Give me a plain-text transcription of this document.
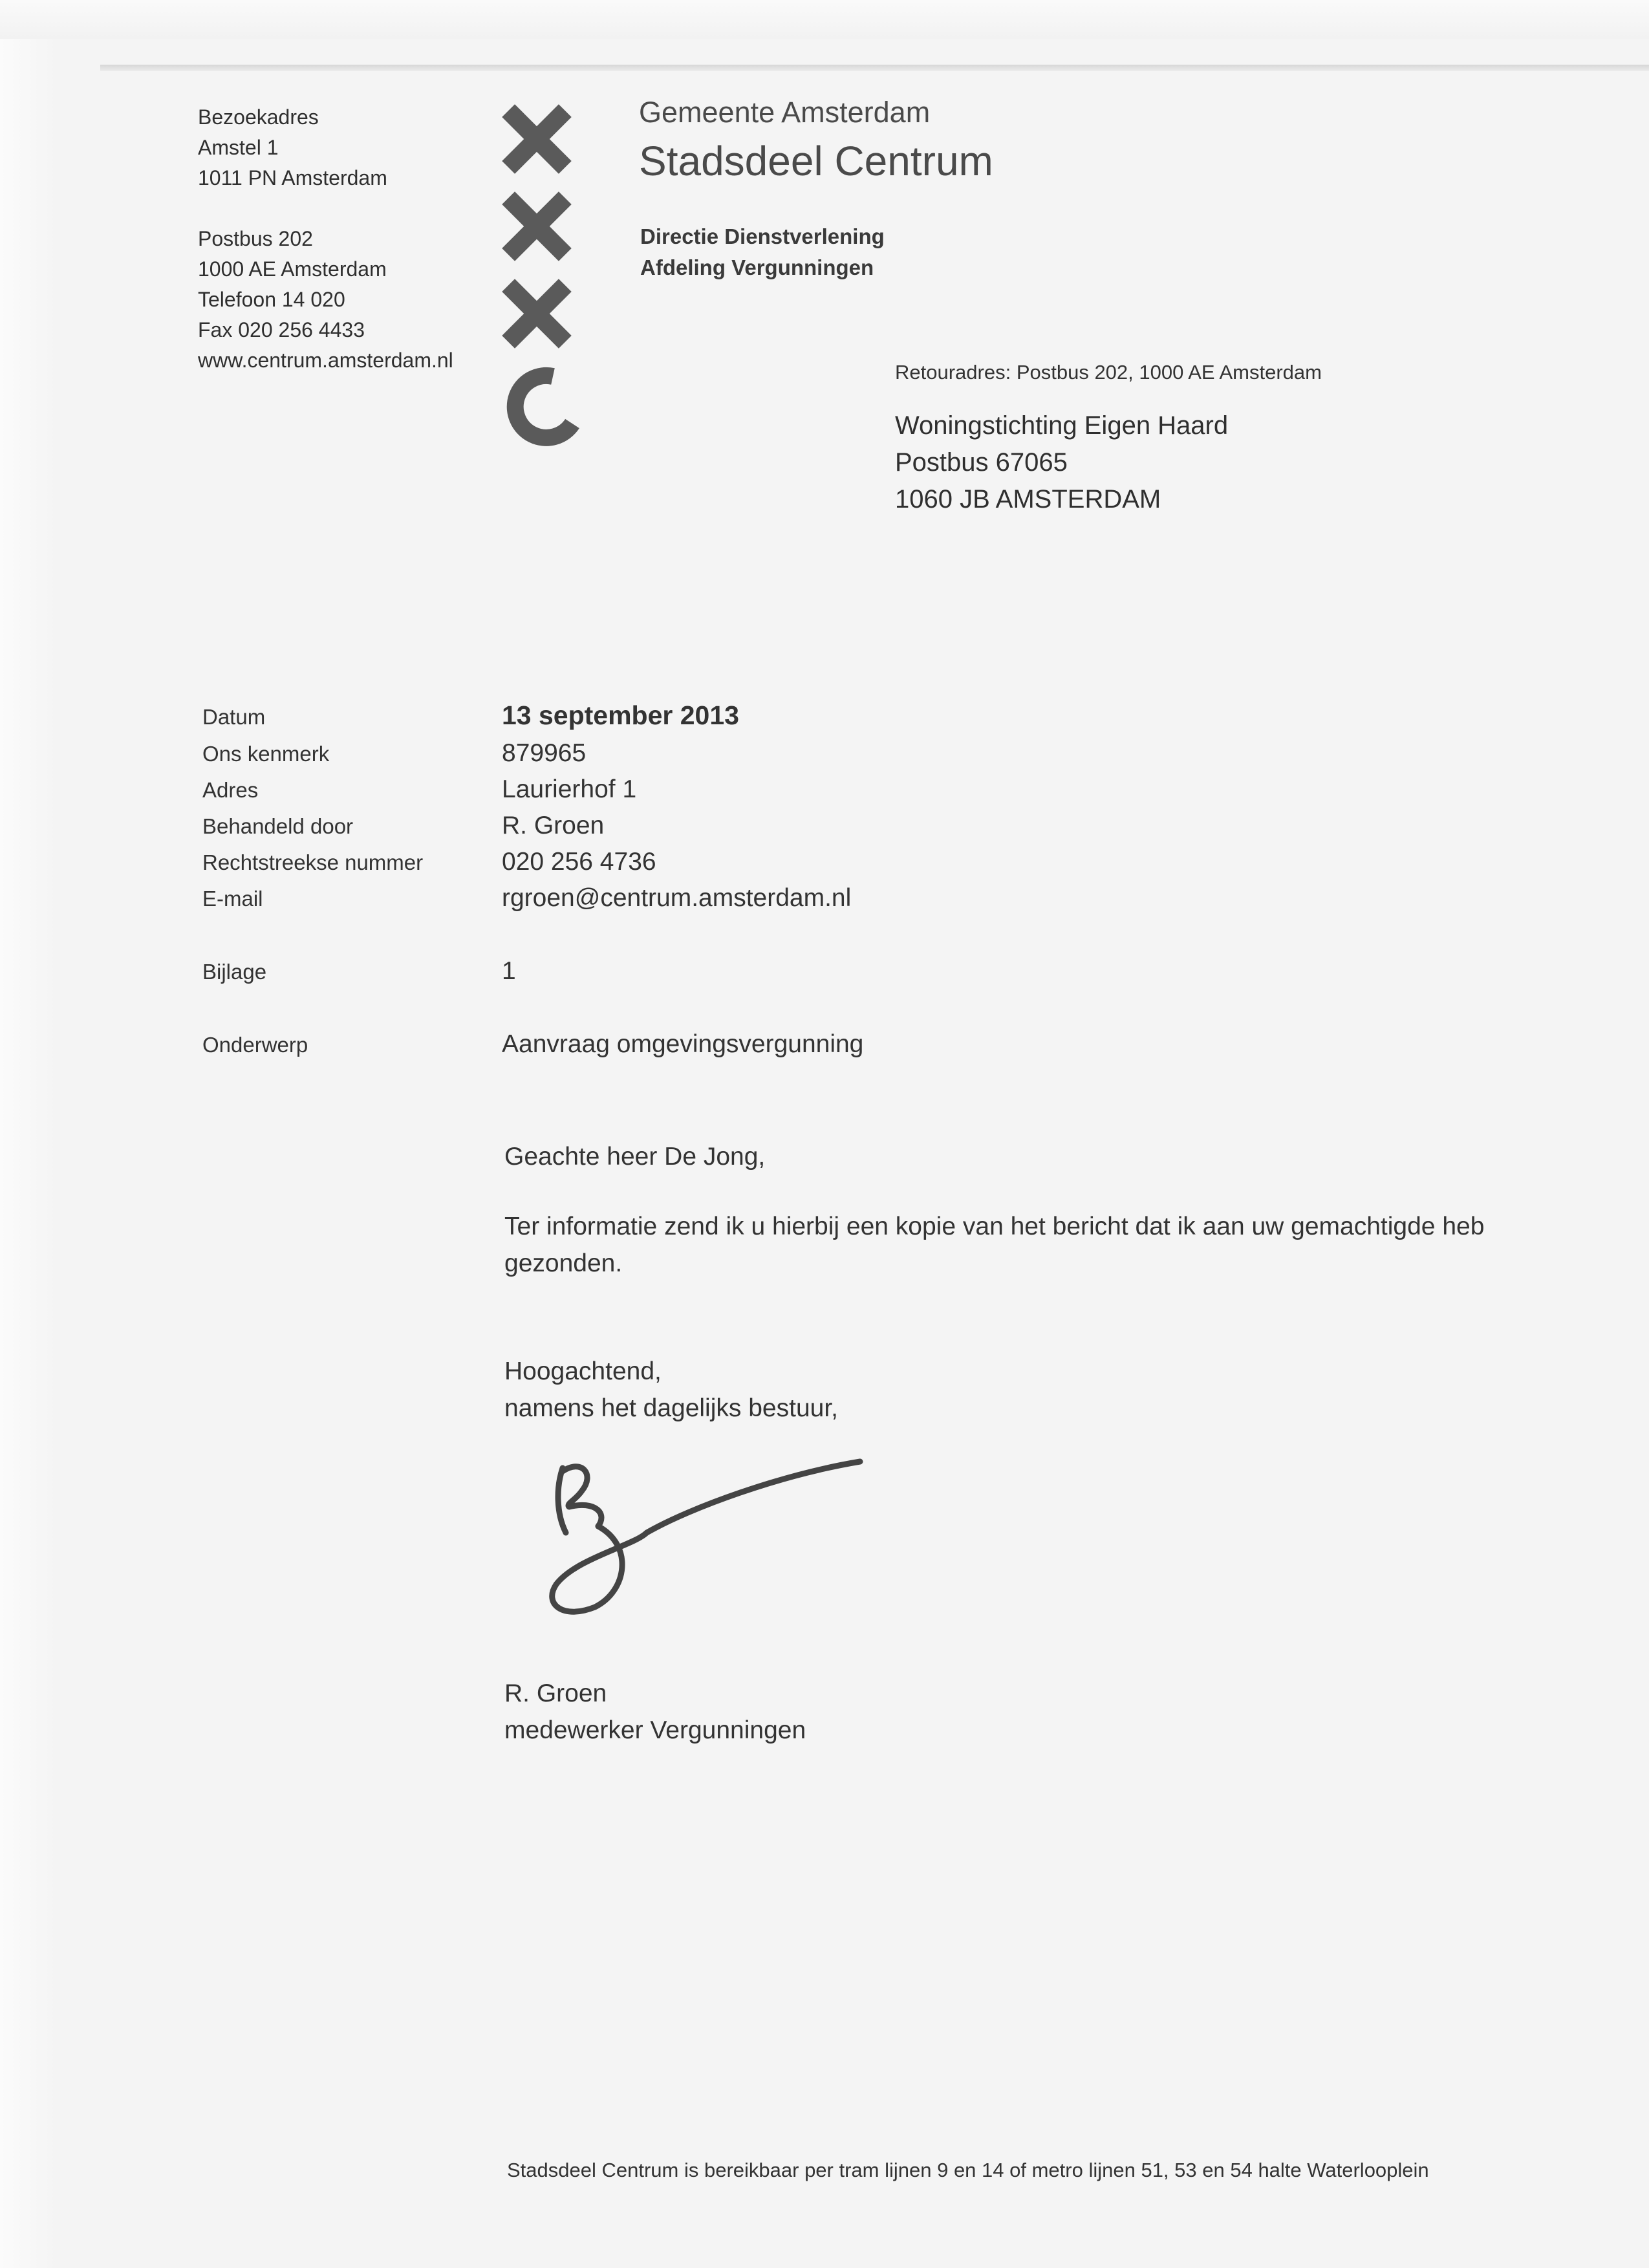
Bezoekadres
Amstel 1
1011 PN Amsterdam
Postbus 202
1000 AE Amsterdam
Telefoon 14 020
Fax 020 256 4433
www.centrum.amsterdam.nl
Gemeente Amsterdam
Stadsdeel Centrum
Directie Dienstverlening
Afdeling Vergunningen
Retouradres: Postbus 202, 1000 AE Amsterdam
Woningstichting Eigen Haard
Postbus 67065
1060 JB AMSTERDAM
Datum	13 september 2013
Ons kenmerk	879965
Adres	Laurierhof 1
Behandeld door	R. Groen
Rechtstreekse nummer	020 256 4736
E-mail	rgroen@centrum.amsterdam.nl
Bijlage	1
Onderwerp	Aanvraag omgevingsvergunning
Geachte heer De Jong,
Ter informatie zend ik u hierbij een kopie van het bericht dat ik aan uw gemachtigde heb
gezonden.
Hoogachtend,
namens het dagelijks bestuur,
R. Groen
medewerker Vergunningen
Stadsdeel Centrum is bereikbaar per tram lijnen 9 en 14 of metro lijnen 51, 53 en 54 halte Waterlooplein
